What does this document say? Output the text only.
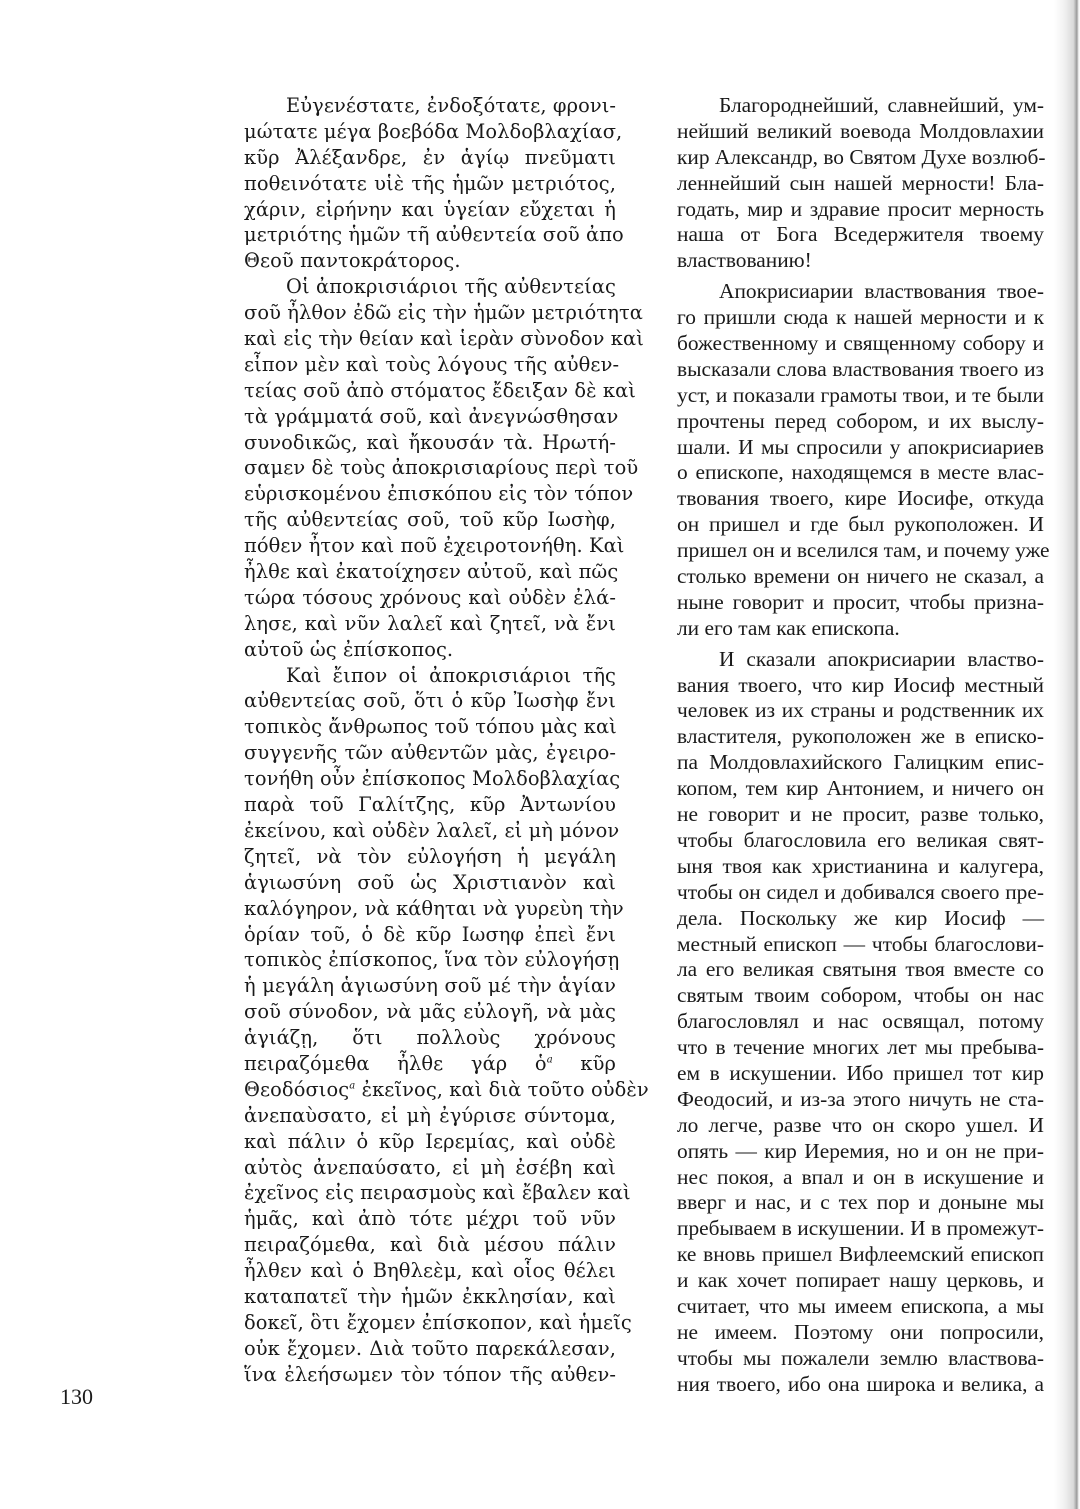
Εὐγενέστατε, ἐνδοξότατε, φρονι-
μώτατε μέγα βοεβόδα Μολδοβλαχίασ,
κῦρ Ἀλέξανδρε, ἐν ἁγίῳ πνεῦματι
ποθεινότατε υἱὲ τῆς ἡμῶν μετριότος,
χάριν, εἰρήνην και ὑγείαν εὔχεται ἡ
μετριότης ἡμῶν τῆ αὐθεντεία σοῦ ἀπο
Θεοῦ παντοκράτορος.
Οἱ ἀποκρισιάριοι τῆς αὐθεντείας
σοῦ ἦλθον ἐδῶ εἰς τὴν ἡμῶν μετριότητα
καὶ εἰς τὴν θείαν καὶ ἱερὰν σὺνοδον καὶ
εἶπον μὲν καὶ τοὺς λόγους τῆς αὐθεν-
τείας σοῦ ἀπὸ στόματος ἔδειξαν δὲ καὶ
τὰ γράμματά σοῦ, καὶ ἀνεγνώσθησαν
συνοδικῶς, καὶ ἤκουσάν τὰ. Ηρωτή-
σαμεν δὲ τοὺς ἀποκρισιαρίους περὶ τοῦ
εὑρισκομένου ἐπισκόπου εἰς τὸν τόπον
τῆς αὐθεντείας σοῦ, τοῦ κῦρ Ιωσὴφ,
πόθεν ἦτον καὶ ποῦ ἐχειροτονήθη. Καὶ
ἦλθε καὶ ἐκατοίχησεν αὐτοῦ, καὶ πῶς
τώρα τόσους χρόνους καὶ οὐδὲν ἐλά-
λησε, καὶ νῦν λαλεῖ καὶ ζητεῖ, νὰ ἔνι
αὐτοῦ ὡς ἐπίσκοπος.
Καὶ ἔιπον οἱ ἀποκρισιάριοι τῆς
αὐθεντείας σοῦ, ὅτι ὁ κῦρ Ἰωσὴφ ἔνι
τοπικὸς ἄνθρωπος τοῦ τόπου μὰς καὶ
συγγενῆς τῶν αὐθεντῶν μὰς, ἐγειρο-
τονήθη οὖν ἐπίσκοπος Μολδοβλαχίας
παρὰ τοῦ Γαλίτζης, κῦρ Ἀντωνίου
ἐκείνου, καὶ οὐδὲν λαλεῖ, εἰ μὴ μόνον
ζητεῖ, νὰ τὸν εὐλογήση ἡ μεγάλη
ἁγιωσύνη σοῦ ὡς Χριστιανὸν καὶ
καλόγηρον, νὰ κάθηται νὰ γυρεὺη τὴν
ὁρίαν τοῦ, ὁ δὲ κῦρ Ιωσηφ ἐπεὶ ἔνι
τοπικὸς ἐπίσκοπος, ἵνα τὸν εὐλογήσῃ
ἡ μεγάλη ἁγιωσύνη σοῦ μέ τὴν ἁγίαν
σοῦ σύνοδον, νὰ μᾶς εὐλογῆ, νὰ μὰς
ἁγιάζῃ, ὅτι πολλοὺς χρόνους
πειραζόμεθα ἦλθε γάρ ὁ$^a$ κῦρ
Θεοδόσιος$^a$ ἐκεῖνος, καὶ διὰ τοῦτο οὐδὲν
ἀνεπαὺσατο, εἰ μὴ ἐγύρισε σύντομα,
καὶ πάλιν ὁ κῦρ Ιερεμίας, καὶ οὐδὲ
αὐτὸς ἀνεπαύσατο, εἰ μὴ ἐσέβη καὶ
ἐχεῖνος εἰς πειρασμοὺς καὶ ἔβαλεν καὶ
ἡμᾶς, καὶ ἀπὸ τότε μέχρι τοῦ νῦν
πειραζόμεθα, καὶ διὰ μέσου πάλιν
ἦλθεν καὶ ὁ Βηθλεὲμ, καὶ οἷος θέλει
καταπατεῖ τὴν ἡμῶν ἐκκλησίαν, καὶ
δοκεῖ, ὃτι ἔχομεν ἐπίσκοπον, καὶ ἡμεῖς
οὐκ ἔχομεν. Διὰ τοῦτο παρεκάλεσαν,
ἵνα ἐλεήσωμεν τὸν τόπον τῆς αὐθεν-
Благороднейший, славнейший, ум-
нейший великий воевода Молдовлахии
кир Александр, во Святом Духе возлюб-
леннейший сын нашей мерности! Бла-
годать, мир и здравие просит мерность
наша от Бога Вседержителя твоему
властвованию!
Апокрисиарии властвования твое-
го пришли сюда к нашей мерности и к
божественному и священному собору и
высказали слова властвования твоего из
уст, и показали грамоты твои, и те были
прочтены перед собором, и их выслу-
шали. И мы спросили у апокрисиариев
о епископе, находящемся в месте влас-
твования твоего, кире Иосифе, откуда
он пришел и где был рукоположен. И
пришел он и вселился там, и почему уже
столько времени он ничего не сказал, а
ныне говорит и просит, чтобы призна-
ли его там как епископа.
И сказали апокрисиарии властво-
вания твоего, что кир Иосиф местный
человек из их страны и родственник их
властителя, рукоположен же в еписко-
па Молдовлахийского Галицким епис-
копом, тем кир Антонием, и ничего он
не говорит и не просит, разве только,
чтобы благословила его великая свят-
ыня твоя как христианина и калугера,
чтобы он сидел и добивался своего пре-
дела. Поскольку же кир Иосиф —
местный епископ — чтобы благослови-
ла его великая святыня твоя вместе со
святым твоим собором, чтобы он нас
благословлял и нас освящал, потому
что в течение многих лет мы пребыва-
ем в искушении. Ибо пришел тот кир
Феодосий, и из-за этого ничуть не ста-
ло легче, разве что он скоро ушел. И
опять — кир Иеремия, но и он не при-
нес покоя, а впал и он в искушение и
вверг и нас, и с тех пор и доныне мы
пребываем в искушении. И в промежут-
ке вновь пришел Вифлеемский епископ
и как хочет попирает нашу церковь, и
считает, что мы имеем епископа, а мы
не имеем. Поэтому они попросили,
чтобы мы пожалели землю властвова-
ния твоего, ибо она широка и велика, а
130
